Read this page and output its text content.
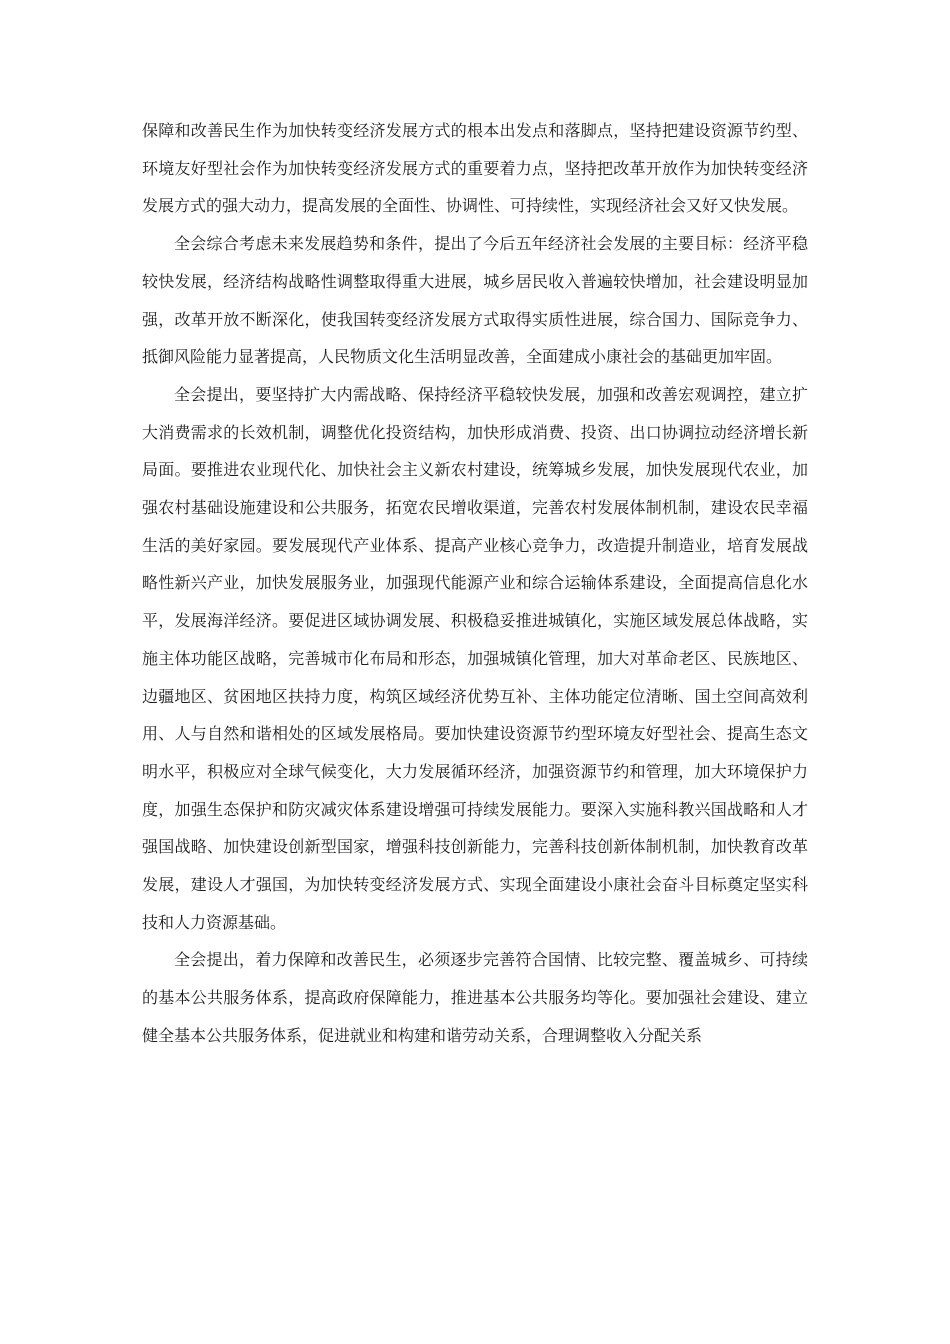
保障和改善民生作为加快转变经济发展方式的根本出发点和落脚点，坚持把建设资源节约型、环境友好型社会作为加快转变经济发展方式的重要着力点，坚持把改革开放作为加快转变经济发展方式的强大动力，提高发展的全面性、协调性、可持续性，实现经济社会又好又快发展。

全会综合考虑未来发展趋势和条件，提出了今后五年经济社会发展的主要目标：经济平稳较快发展，经济结构战略性调整取得重大进展，城乡居民收入普遍较快增加，社会建设明显加强，改革开放不断深化，使我国转变经济发展方式取得实质性进展，综合国力、国际竞争力、抵御风险能力显著提高，人民物质文化生活明显改善，全面建成小康社会的基础更加牢固。

全会提出，要坚持扩大内需战略、保持经济平稳较快发展，加强和改善宏观调控，建立扩大消费需求的长效机制，调整优化投资结构，加快形成消费、投资、出口协调拉动经济增长新局面。要推进农业现代化、加快社会主义新农村建设，统筹城乡发展，加快发展现代农业，加强农村基础设施建设和公共服务，拓宽农民增收渠道，完善农村发展体制机制，建设农民幸福生活的美好家园。要发展现代产业体系、提高产业核心竞争力，改造提升制造业，培育发展战略性新兴产业，加快发展服务业，加强现代能源产业和综合运输体系建设，全面提高信息化水平，发展海洋经济。要促进区域协调发展、积极稳妥推进城镇化，实施区域发展总体战略，实施主体功能区战略，完善城市化布局和形态，加强城镇化管理，加大对革命老区、民族地区、边疆地区、贫困地区扶持力度，构筑区域经济优势互补、主体功能定位清晰、国土空间高效利用、人与自然和谐相处的区域发展格局。要加快建设资源节约型环境友好型社会、提高生态文明水平，积极应对全球气候变化，大力发展循环经济，加强资源节约和管理，加大环境保护力度，加强生态保护和防灾减灾体系建设增强可持续发展能力。要深入实施科教兴国战略和人才强国战略、加快建设创新型国家，增强科技创新能力，完善科技创新体制机制，加快教育改革发展，建设人才强国，为加快转变经济发展方式、实现全面建设小康社会奋斗目标奠定坚实科技和人力资源基础。

全会提出，着力保障和改善民生，必须逐步完善符合国情、比较完整、覆盖城乡、可持续的基本公共服务体系，提高政府保障能力，推进基本公共服务均等化。要加强社会建设、建立健全基本公共服务体系，促进就业和构建和谐劳动关系，合理调整收入分配关系
